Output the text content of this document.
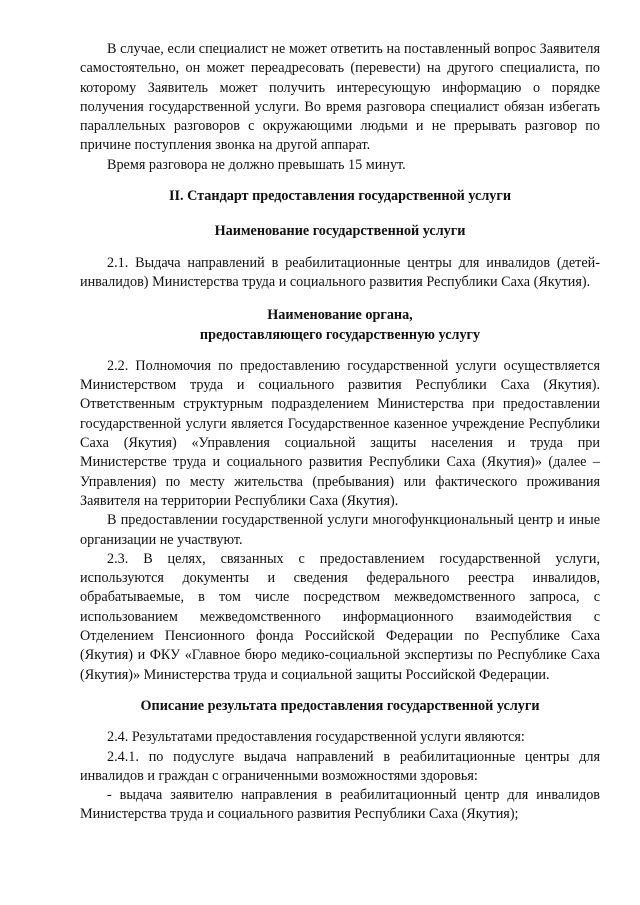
В случае, если специалист не может ответить на поставленный вопрос Заявителя самостоятельно, он может переадресовать (перевести) на другого специалиста, по которому Заявитель может получить интересующую информацию о порядке получения государственной услуги. Во время разговора специалист обязан избегать параллельных разговоров с окружающими людьми и не прерывать разговор по причине поступления звонка на другой аппарат.

Время разговора не должно превышать 15 минут.

II. Стандарт предоставления государственной услуги

Наименование государственной услуги

2.1. Выдача направлений в реабилитационные центры для инвалидов (детей-инвалидов) Министерства труда и социального развития Республики Саха (Якутия).

Наименование органа,

предоставляющего государственную услугу

2.2. Полномочия по предоставлению государственной услуги осуществляется Министерством труда и социального развития Республики Саха (Якутия). Ответственным структурным подразделением Министерства при предоставлении государственной услуги является Государственное казенное учреждение Республики Саха (Якутия) «Управления социальной защиты населения и труда при Министерстве труда и социального развития Республики Саха (Якутия)» (далее – Управления) по месту жительства (пребывания) или фактического проживания Заявителя на территории Республики Саха (Якутия).

В предоставлении государственной услуги многофункциональный центр и иные организации не участвуют.

2.3. В целях, связанных с предоставлением государственной услуги, используются документы и сведения федерального реестра инвалидов, обрабатываемые, в том числе посредством межведомственного запроса, с использованием межведомственного информационного взаимодействия с Отделением Пенсионного фонда Российской Федерации по Республике Саха (Якутия) и ФКУ «Главное бюро медико-социальной экспертизы по Республике Саха (Якутия)» Министерства труда и социальной защиты Российской Федерации.

Описание результата предоставления государственной услуги

2.4. Результатами предоставления государственной услуги являются:

2.4.1. по подуслуге выдача направлений в реабилитационные центры для инвалидов и граждан с ограниченными возможностями здоровья:

- выдача заявителю направления в реабилитационный центр для инвалидов Министерства труда и социального развития Республики Саха (Якутия);
